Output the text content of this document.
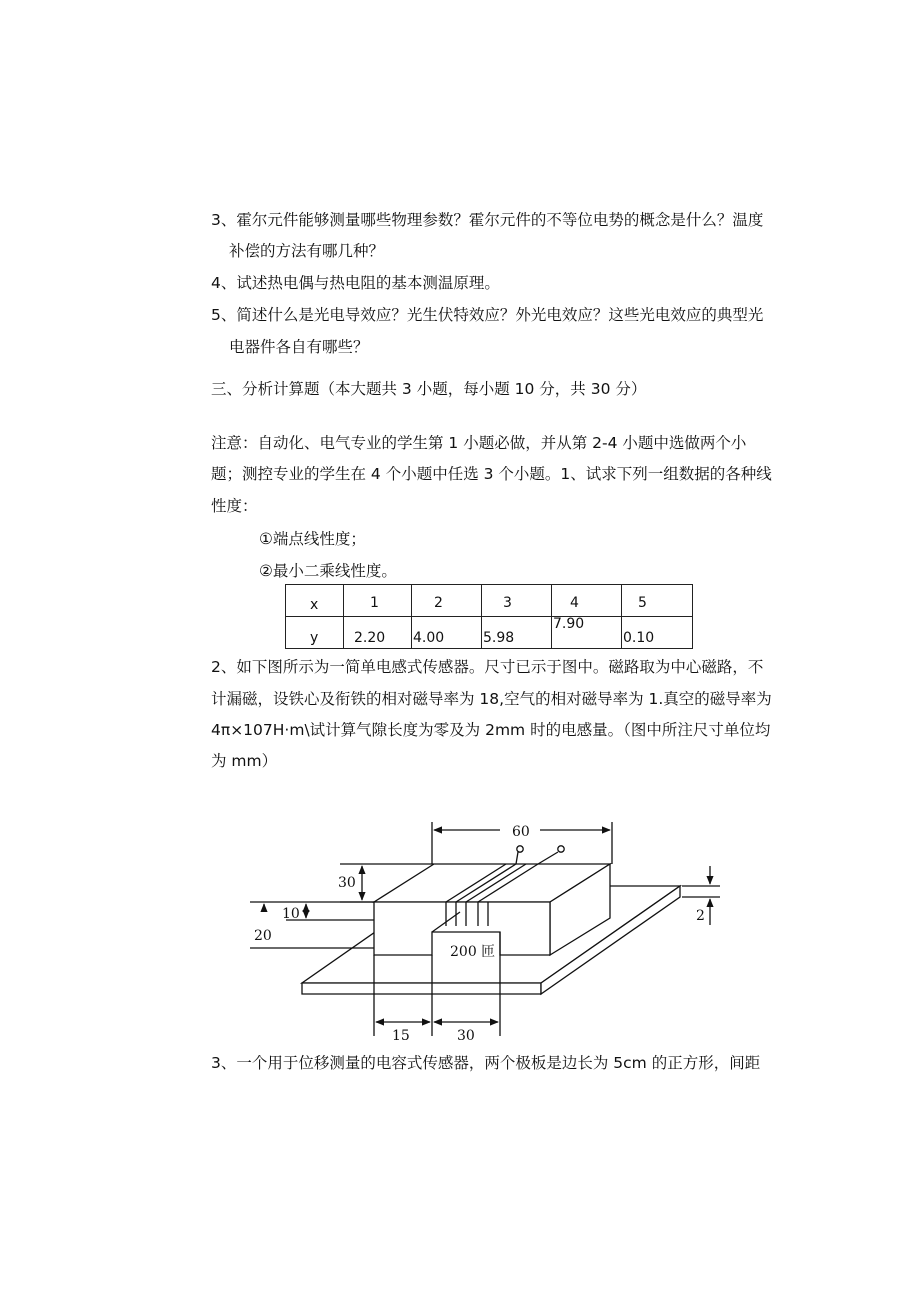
3、霍尔元件能够测量哪些物理参数？霍尔元件的不等位电势的概念是什么？温度
补偿的方法有哪几种？
4、试述热电偶与热电阻的基本测温原理。
5、简述什么是光电导效应？光生伏特效应？外光电效应？这些光电效应的典型光
电器件各自有哪些？
三、分析计算题（本大题共 3 小题，每小题 10 分，共 30 分）
注意：自动化、电气专业的学生第 1 小题必做，并从第 2-4 小题中选做两个小
题；测控专业的学生在 4 个小题中任选 3 个小题。1、试求下列一组数据的各种线
性度：
①端点线性度；
②最小二乘线性度。
x	1	2	3	4	5

y	2.20	4.00	5.98	7.90	0.10
2、如下图所示为一简单电感式传感器。尺寸已示于图中。磁路取为中心磁路，不
计漏磁，设铁心及衔铁的相对磁导率为 18,空气的相对磁导率为 1.真空的磁导率为
4π×107H·m\试计算气隙长度为零及为 2mm 时的电感量。（图中所注尺寸单位均
为 mm）
60
30
10
20
2
15	30
200 匝
3、一个用于位移测量的电容式传感器，两个极板是边长为 5cm 的正方形，间距
